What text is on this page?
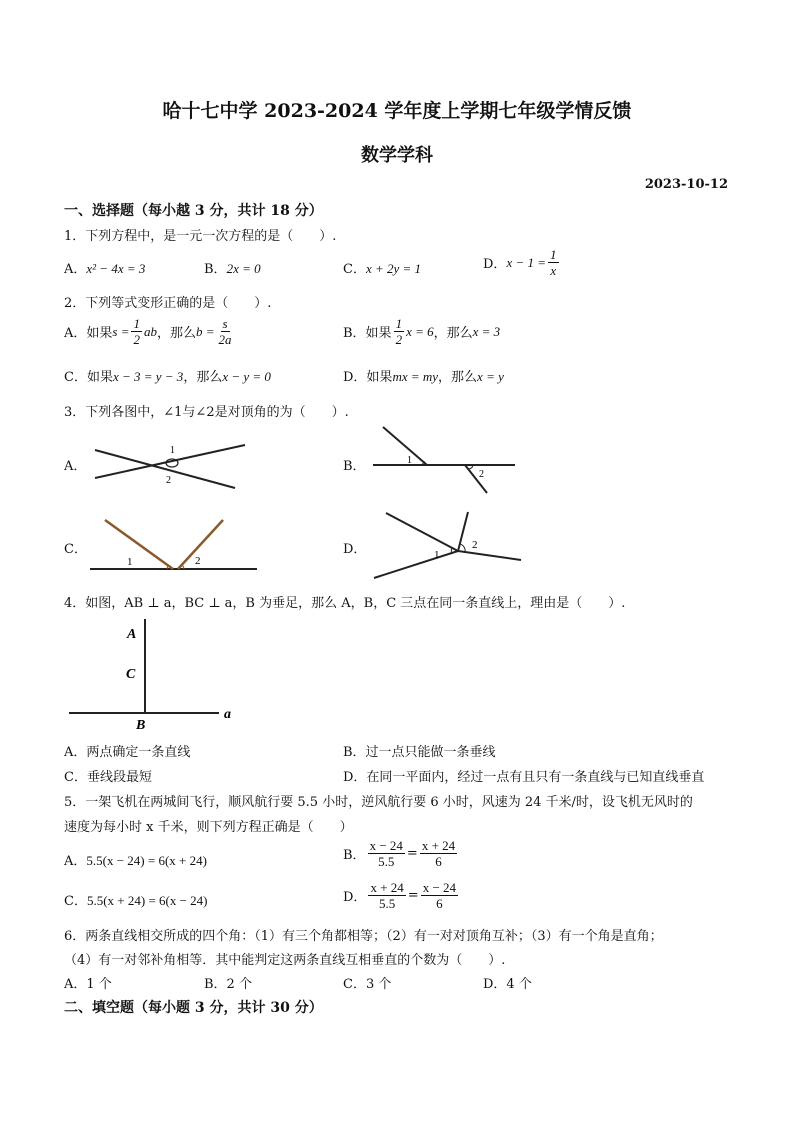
哈十七中学 2023-2024 学年度上学期七年级学情反馈
数学学科
2023-10-12
一、选择题（每小越 3 分，共计 18 分）
1．下列方程中，是一元一次方程的是（　　）.
A．x² − 4x = 3	B．2x = 0	C．x + 2y = 1	D． $x - 1 = \frac{1}{x}$
2．下列等式变形正确的是（　　）.
A．如果 $s = \frac{1}{2}$ ab ，那么 $b = \frac{s}{2a}$	B．如果 $\frac{1}{2}$ x = 6 ，那么 x = 3
C．如果x − 3 = y − 3，那么x − y = 0	D．如果mx = my，那么x = y
3．下列各图中，∠1与∠2是对顶角的为（　　）.
A．	B．
C．	D．
1
2
1
2
1	2	1
2
4．如图，AB ⊥ a，BC ⊥ a，B 为垂足，那么 A，B，C 三点在同一条直线上，理由是（　　）.
A
C
B
a
A．两点确定一条直线	B．过一点只能做一条垂线
C．垂线段最短	D．在同一平面内，经过一点有且只有一条直线与已知直线垂直
5．一架飞机在两城间飞行，顺风航行要 5.5 小时，逆风航行要 6 小时，风速为 24 千米/时，设飞机无风时的
速度为每小时 x 千米，则下列方程正确是（　　）
A．5.5(x − 24) = 6(x + 24)	B． $\frac{x - 24}{5.5} = \frac{x + 24}{6}$
C．5.5(x + 24) = 6(x − 24)	D． $\frac{x + 24}{5.5} = \frac{x - 24}{6}$
6．两条直线相交所成的四个角：（1）有三个角都相等；（2）有一对对顶角互补；（3）有一个角是直角；
（4）有一对邻补角相等．其中能判定这两条直线互相垂直的个数为（　　）.
A．1 个	B．2 个	C．3 个	D．4 个
二、填空题（每小题 3 分，共计 30 分）
